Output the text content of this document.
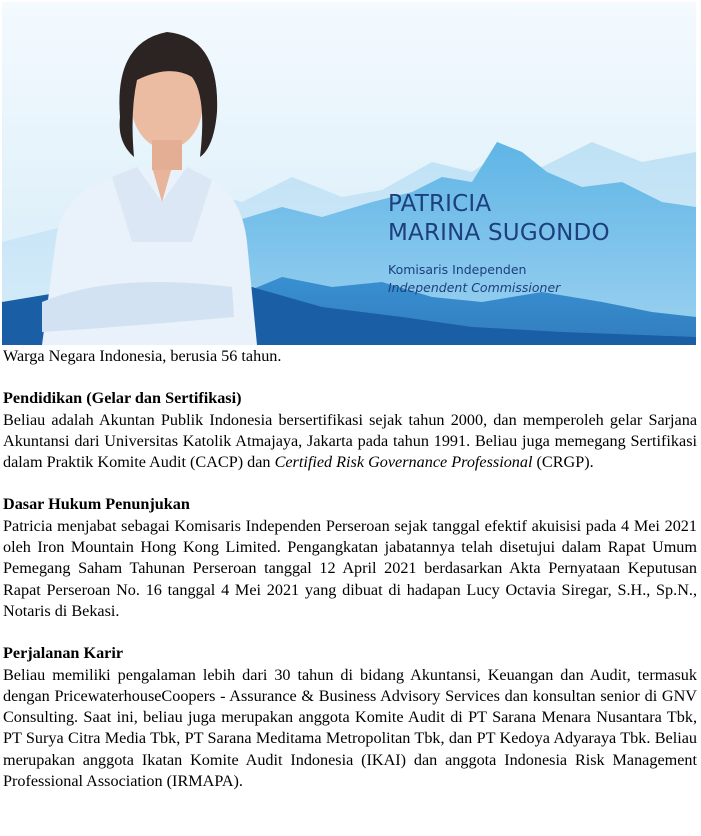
PATRICIA
MARINA SUGONDO
Komisaris Independen
Independent Commissioner

Warga Negara Indonesia, berusia 56 tahun.

Pendidikan (Gelar dan Sertifikasi)

Beliau adalah Akuntan Publik Indonesia bersertifikasi sejak tahun 2000, dan memperoleh gelar Sarjana Akuntansi dari Universitas Katolik Atmajaya, Jakarta pada tahun 1991. Beliau juga memegang Sertifikasi dalam Praktik Komite Audit (CACP) dan Certified Risk Governance Professional (CRGP).

Dasar Hukum Penunjukan

Patricia menjabat sebagai Komisaris Independen Perseroan sejak tanggal efektif akuisisi pada 4 Mei 2021 oleh Iron Mountain Hong Kong Limited. Pengangkatan jabatannya telah disetujui dalam Rapat Umum Pemegang Saham Tahunan Perseroan tanggal 12 April 2021 berdasarkan Akta Pernyataan Keputusan Rapat Perseroan No. 16 tanggal 4 Mei 2021 yang dibuat di hadapan Lucy Octavia Siregar, S.H., Sp.N., Notaris di Bekasi.

Perjalanan Karir

Beliau memiliki pengalaman lebih dari 30 tahun di bidang Akuntansi, Keuangan dan Audit, termasuk dengan PricewaterhouseCoopers - Assurance & Business Advisory Services dan konsultan senior di GNV Consulting. Saat ini, beliau juga merupakan anggota Komite Audit di PT Sarana Menara Nusantara Tbk, PT Surya Citra Media Tbk, PT Sarana Meditama Metropolitan Tbk, dan PT Kedoya Adyaraya Tbk. Beliau merupakan anggota Ikatan Komite Audit Indonesia (IKAI) dan anggota Indonesia Risk Management Professional Association (IRMAPA).
